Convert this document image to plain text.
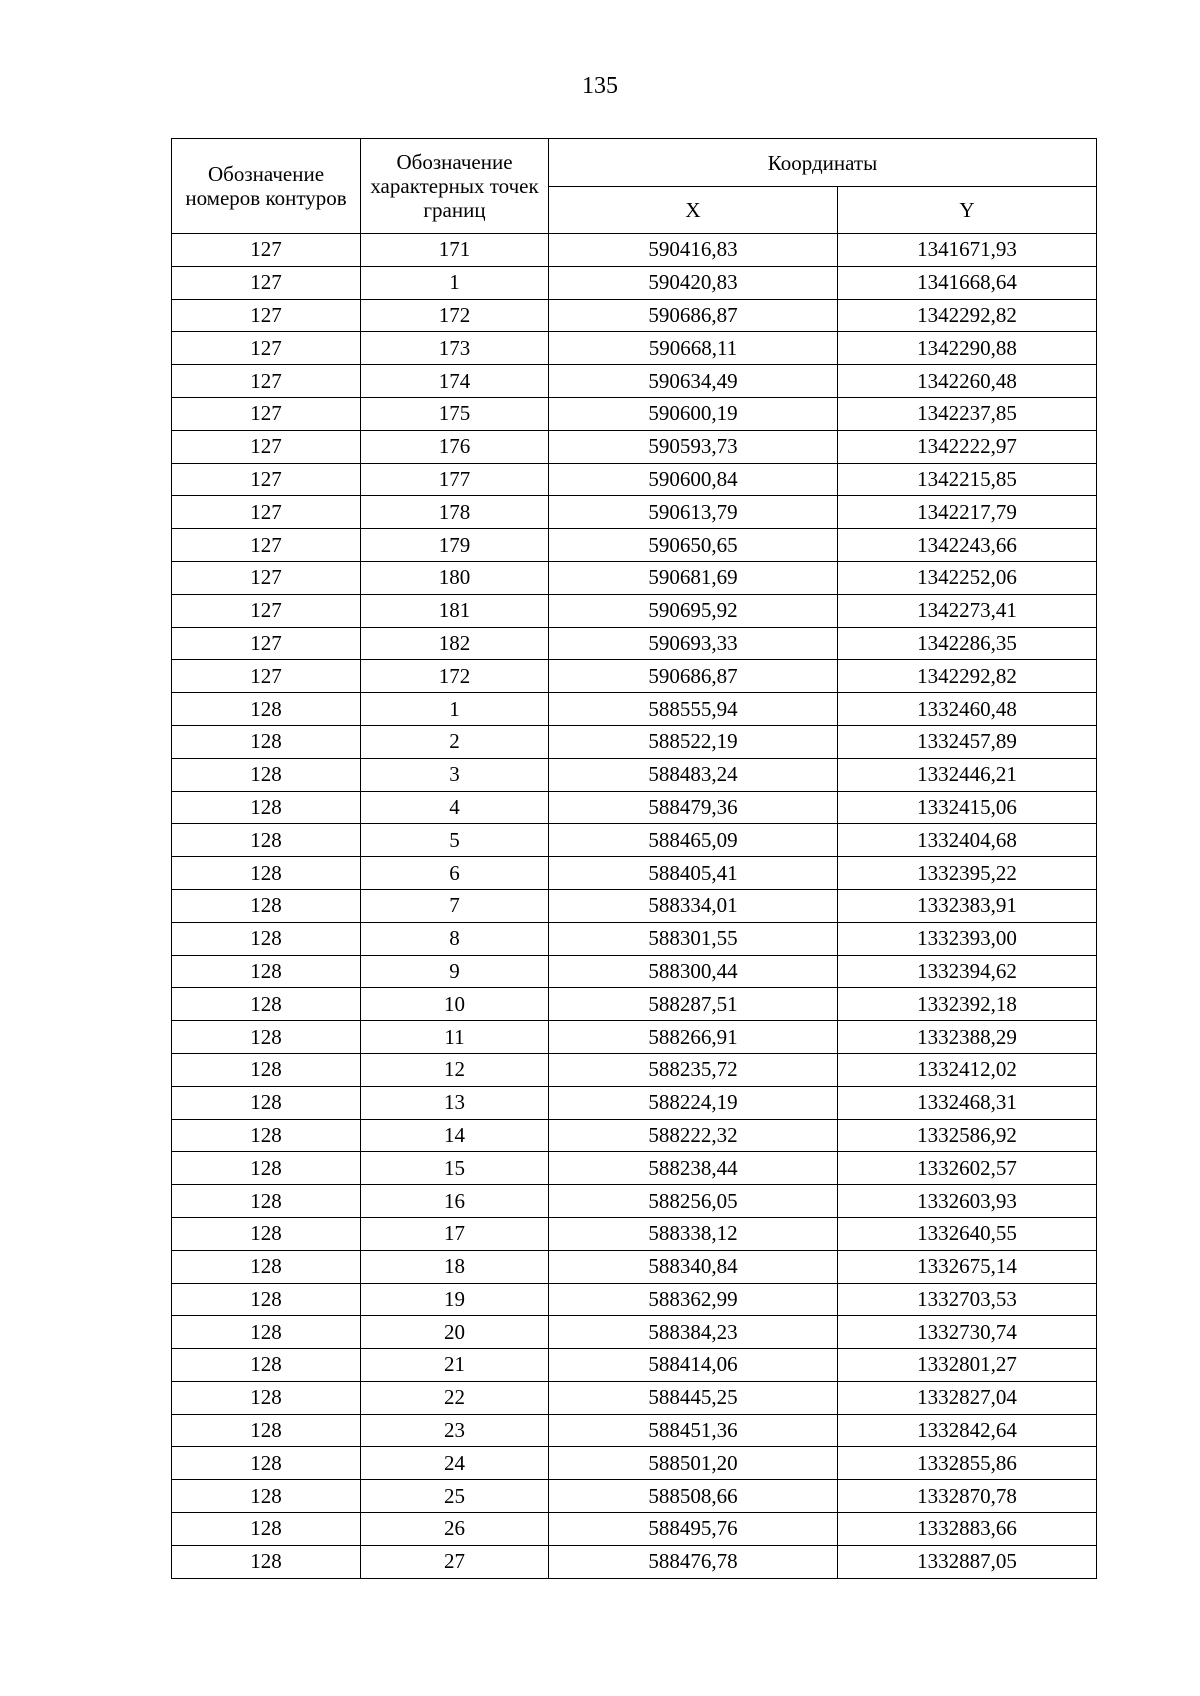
135
Обозначение номеров контуров	Обозначение характерных точек границ	Координаты	
		X	Y
127	171	590416,83	1341671,93
127	1	590420,83	1341668,64
127	172	590686,87	1342292,82
127	173	590668,11	1342290,88
127	174	590634,49	1342260,48
127	175	590600,19	1342237,85
127	176	590593,73	1342222,97
127	177	590600,84	1342215,85
127	178	590613,79	1342217,79
127	179	590650,65	1342243,66
127	180	590681,69	1342252,06
127	181	590695,92	1342273,41
127	182	590693,33	1342286,35
127	172	590686,87	1342292,82
128	1	588555,94	1332460,48
128	2	588522,19	1332457,89
128	3	588483,24	1332446,21
128	4	588479,36	1332415,06
128	5	588465,09	1332404,68
128	6	588405,41	1332395,22
128	7	588334,01	1332383,91
128	8	588301,55	1332393,00
128	9	588300,44	1332394,62
128	10	588287,51	1332392,18
128	11	588266,91	1332388,29
128	12	588235,72	1332412,02
128	13	588224,19	1332468,31
128	14	588222,32	1332586,92
128	15	588238,44	1332602,57
128	16	588256,05	1332603,93
128	17	588338,12	1332640,55
128	18	588340,84	1332675,14
128	19	588362,99	1332703,53
128	20	588384,23	1332730,74
128	21	588414,06	1332801,27
128	22	588445,25	1332827,04
128	23	588451,36	1332842,64
128	24	588501,20	1332855,86
128	25	588508,66	1332870,78
128	26	588495,76	1332883,66
128	27	588476,78	1332887,05
